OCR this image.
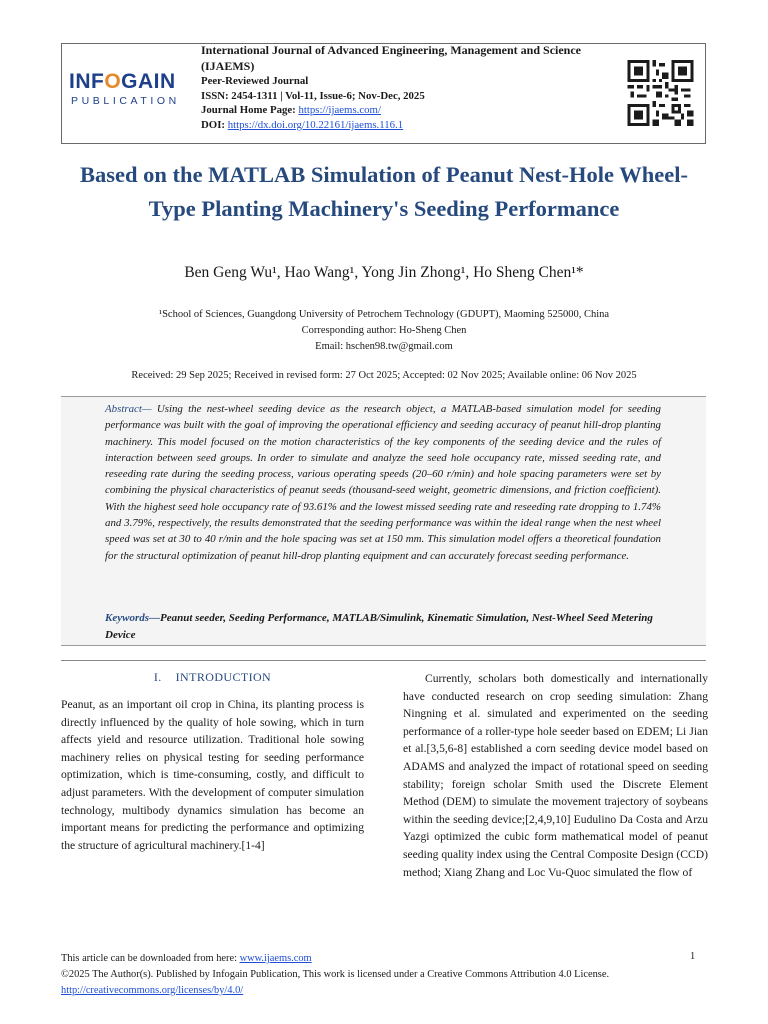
INFOGAIN
PUBLICATION
International Journal of Advanced Engineering, Management and Science (IJAEMS)
Peer-Reviewed Journal
ISSN: 2454-1311 | Vol-11, Issue-6; Nov-Dec, 2025
Journal Home Page: https://ijaems.com/
DOI: https://dx.doi.org/10.22161/ijaems.116.1
Based on the MATLAB Simulation of Peanut Nest-Hole Wheel-Type Planting Machinery's Seeding Performance
Ben Geng Wu¹, Hao Wang¹, Yong Jin Zhong¹, Ho Sheng Chen¹*
¹School of Sciences, Guangdong University of Petrochem Technology (GDUPT), Maoming 525000, China
Corresponding author: Ho-Sheng Chen
Email: hschen98.tw@gmail.com
Received: 29 Sep 2025; Received in revised form: 27 Oct 2025; Accepted: 02 Nov 2025; Available online: 06 Nov 2025
Abstract— Using the nest-wheel seeding device as the research object, a MATLAB-based simulation model for seeding performance was built with the goal of improving the operational efficiency and seeding accuracy of peanut hill-drop planting machinery. This model focused on the motion characteristics of the key components of the seeding device and the rules of interaction between seed groups. In order to simulate and analyze the seed hole occupancy rate, missed seeding rate, and reseeding rate during the seeding process, various operating speeds (20–60 r/min) and hole spacing parameters were set by combining the physical characteristics of peanut seeds (thousand-seed weight, geometric dimensions, and friction coefficient). With the highest seed hole occupancy rate of 93.61% and the lowest missed seeding rate and reseeding rate dropping to 1.74% and 3.79%, respectively, the results demonstrated that the seeding performance was within the ideal range when the nest wheel speed was set at 30 to 40 r/min and the hole spacing was set at 150 mm. This simulation model offers a theoretical foundation for the structural optimization of peanut hill-drop planting equipment and can accurately forecast seeding performance.
Keywords—Peanut seeder, Seeding Performance, MATLAB/Simulink, Kinematic Simulation, Nest-Wheel Seed Metering Device
I. INTRODUCTION

Peanut, as an important oil crop in China, its planting process is directly influenced by the quality of hole sowing, which in turn affects yield and resource utilization. Traditional hole sowing machinery relies on physical testing for seeding performance optimization, which is time-consuming, costly, and difficult to adjust parameters. With the development of computer simulation technology, multibody dynamics simulation has become an important means for predicting the performance and optimizing the structure of agricultural machinery.[1-4]

Currently, scholars both domestically and internationally have conducted research on crop seeding simulation: Zhang Ningning et al. simulated and experimented on the seeding performance of a roller-type hole seeder based on EDEM; Li Jian et al.[3,5,6-8] established a corn seeding device model based on ADAMS and analyzed the impact of rotational speed on seeding stability; foreign scholar Smith used the Discrete Element Method (DEM) to simulate the movement trajectory of soybeans within the seeding device;[2,4,9,10] Eudulino Da Costa and Arzu Yazgi optimized the cubic form mathematical model of peanut seeding quality index using the Central Composite Design (CCD) method; Xiang Zhang and Loc Vu-Quoc simulated the flow of

This article can be downloaded from here: www.ijaems.com
©2025 The Author(s). Published by Infogain Publication, This work is licensed under a Creative Commons Attribution 4.0 License. http://creativecommons.org/licenses/by/4.0/
1
